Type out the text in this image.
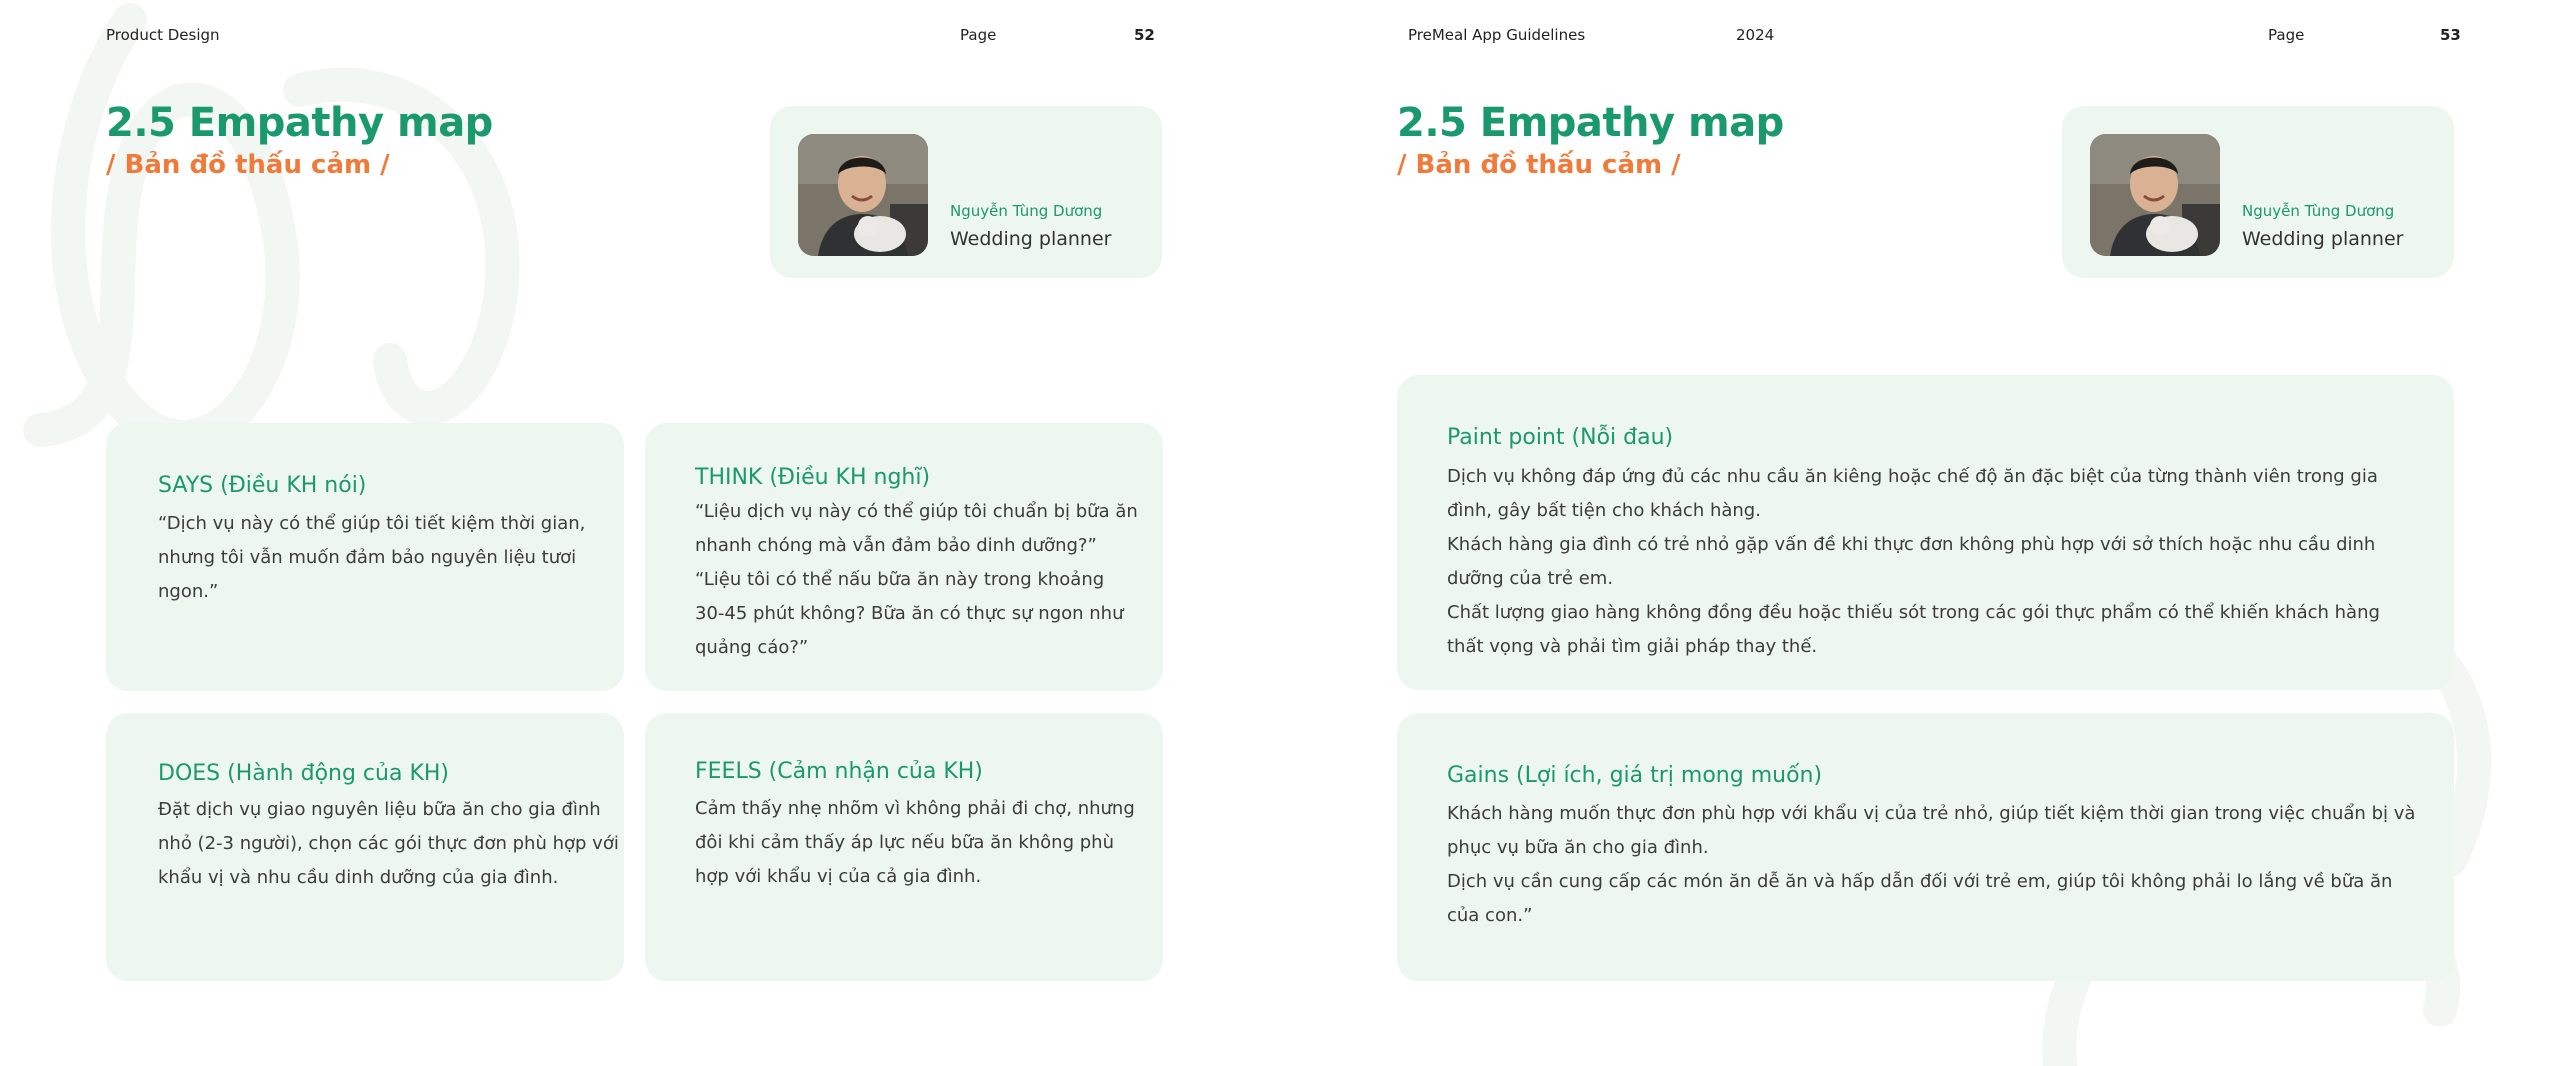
Product Design	Page	52
2.5 Empathy map
/ Bản đồ thấu cảm /
Nguyễn Tùng Dương
Wedding planner
SAYS (Điều KH nói)

“Dịch vụ này có thể giúp tôi tiết kiệm thời gian,

nhưng tôi vẫn muốn đảm bảo nguyên liệu tươi

ngon.”

THINK (Điều KH nghĩ)

“Liệu dịch vụ này có thể giúp tôi chuẩn bị bữa ăn

nhanh chóng mà vẫn đảm bảo dinh dưỡng?”

“Liệu tôi có thể nấu bữa ăn này trong khoảng

30-45 phút không? Bữa ăn có thực sự ngon như

quảng cáo?”

DOES (Hành động của KH)

Đặt dịch vụ giao nguyên liệu bữa ăn cho gia đình

nhỏ (2-3 người), chọn các gói thực đơn phù hợp với

khẩu vị và nhu cầu dinh dưỡng của gia đình.

FEELS (Cảm nhận của KH)

Cảm thấy nhẹ nhõm vì không phải đi chợ, nhưng

đôi khi cảm thấy áp lực nếu bữa ăn không phù

hợp với khẩu vị của cả gia đình.

PreMeal App Guidelines	2024	Page	53
2.5 Empathy map
/ Bản đồ thấu cảm /
Nguyễn Tùng Dương
Wedding planner
Paint point (Nỗi đau)

Dịch vụ không đáp ứng đủ các nhu cầu ăn kiêng hoặc chế độ ăn đặc biệt của từng thành viên trong gia

đình, gây bất tiện cho khách hàng.

Khách hàng gia đình có trẻ nhỏ gặp vấn đề khi thực đơn không phù hợp với sở thích hoặc nhu cầu dinh

dưỡng của trẻ em.

Chất lượng giao hàng không đồng đều hoặc thiếu sót trong các gói thực phẩm có thể khiến khách hàng

thất vọng và phải tìm giải pháp thay thế.

Gains (Lợi ích, giá trị mong muốn)

Khách hàng muốn thực đơn phù hợp với khẩu vị của trẻ nhỏ, giúp tiết kiệm thời gian trong việc chuẩn bị và

phục vụ bữa ăn cho gia đình.

Dịch vụ cần cung cấp các món ăn dễ ăn và hấp dẫn đối với trẻ em, giúp tôi không phải lo lắng về bữa ăn

của con.”
